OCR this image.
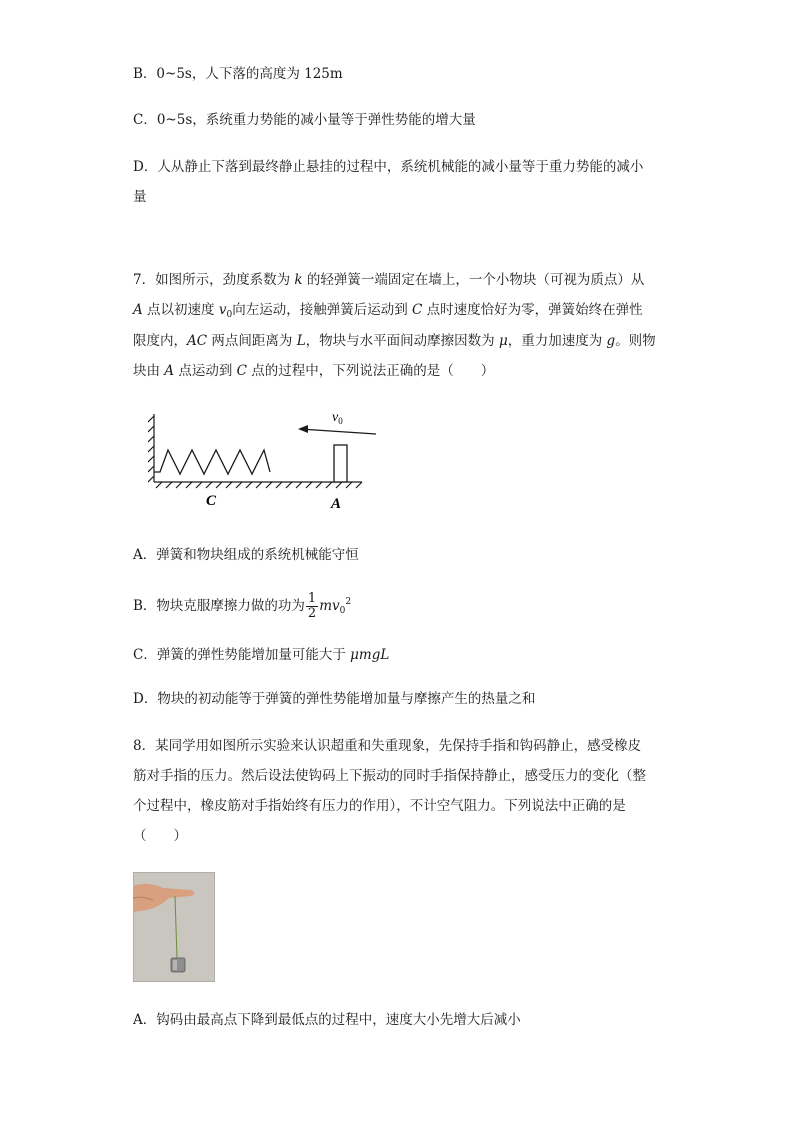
B．0~5s，人下落的高度为 125m
C．0~5s，系统重力势能的减小量等于弹性势能的增大量
D．人从静止下落到最终静止悬挂的过程中，系统机械能的减小量等于重力势能的减小
量
7．如图所示，劲度系数为 k 的轻弹簧一端固定在墙上，一个小物块（可视为质点）从
A 点以初速度 $v_0$向左运动，接触弹簧后运动到 C 点时速度恰好为零，弹簧始终在弹性
限度内，AC 两点间距离为 L，物块与水平面间动摩擦因数为 μ，重力加速度为 g。则物
块由 A 点运动到 C 点的过程中，下列说法正确的是（　　）
$v_0$
C	A
A．弹簧和物块组成的系统机械能守恒
B．物块克服摩擦力做的功为 $\frac{1}{2} mv_0^2$
C．弹簧的弹性势能增加量可能大于 μmgL
D．物块的初动能等于弹簧的弹性势能增加量与摩擦产生的热量之和
8．某同学用如图所示实验来认识超重和失重现象，先保持手指和钩码静止，感受橡皮
筋对手指的压力。然后设法使钩码上下振动的同时手指保持静止，感受压力的变化（整
个过程中，橡皮筋对手指始终有压力的作用），不计空气阻力。下列说法中正确的是
（　　）
A．钩码由最高点下降到最低点的过程中，速度大小先增大后减小
